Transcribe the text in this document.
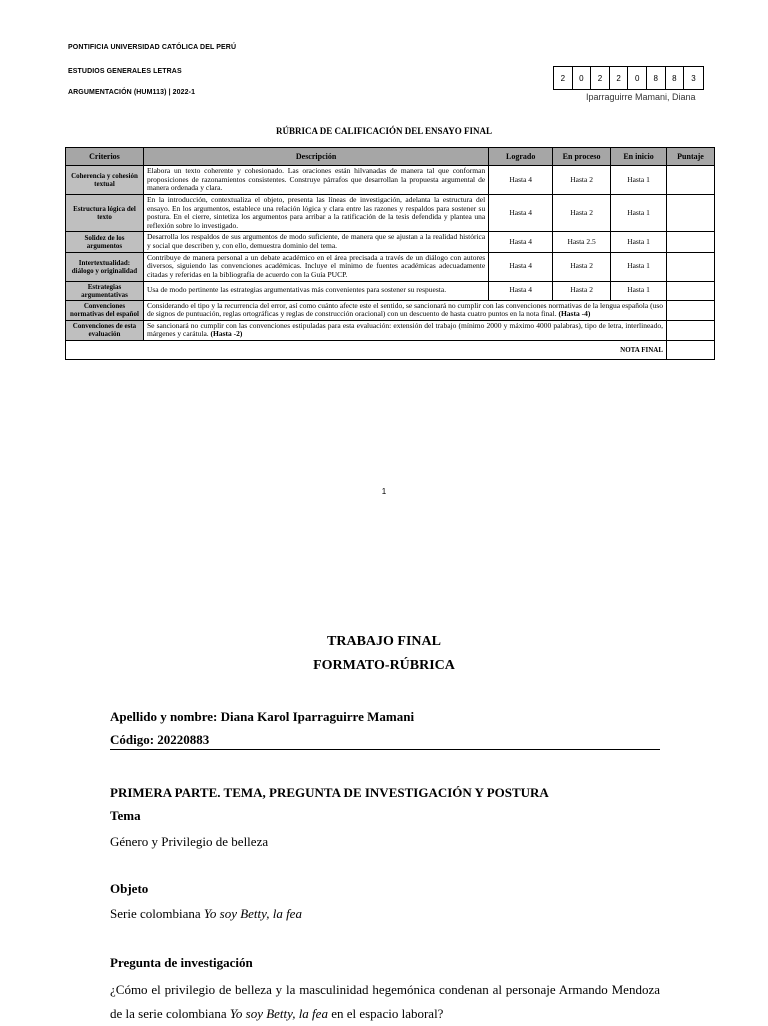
PONTIFICIA UNIVERSIDAD CATÓLICA DEL PERÚ
ESTUDIOS GENERALES LETRAS
ARGUMENTACIÓN (HUM113) | 2022-1
2	0	2	2	0	8	8	3
Iparraguirre Mamani, Diana
RÚBRICA DE CALIFICACIÓN DEL ENSAYO FINAL
Criterios	Descripción	Logrado	En proceso	En inicio	Puntaje
Coherencia y cohesión textual	Elabora un texto coherente y cohesionado. Las oraciones están hilvanadas de manera tal que conforman proposiciones de razonamientos consistentes. Construye párrafos que desarrollan la propuesta argumental de manera ordenada y clara.	Hasta 4	Hasta 2	Hasta 1	
Estructura lógica del texto	En la introducción, contextualiza el objeto, presenta las líneas de investigación, adelanta la estructura del ensayo. En los argumentos, establece una relación lógica y clara entre las razones y respaldos para sostener su postura. En el cierre, sintetiza los argumentos para arribar a la ratificación de la tesis defendida y plantea una reflexión sobre lo investigado.	Hasta 4	Hasta 2	Hasta 1	
Solidez de los argumentos	Desarrolla los respaldos de sus argumentos de modo suficiente, de manera que se ajustan a la realidad histórica y social que describen y, con ello, demuestra dominio del tema.	Hasta 4	Hasta 2.5	Hasta 1	
Intertextualidad: diálogo y originalidad	Contribuye de manera personal a un debate académico en el área precisada a través de un diálogo con autores diversos, siguiendo las convenciones académicas. Incluye el mínimo de fuentes académicas adecuadamente citadas y referidas en la bibliografía de acuerdo con la Guía PUCP.	Hasta 4	Hasta 2	Hasta 1	
Estrategias argumentativas	Usa de modo pertinente las estrategias argumentativas más convenientes para sostener su respuesta.	Hasta 4	Hasta 2	Hasta 1	
Convenciones normativas del español	Considerando el tipo y la recurrencia del error, así como cuánto afecte este el sentido, se sancionará no cumplir con las convenciones normativas de la lengua española (uso de signos de puntuación, reglas ortográficas y reglas de construcción oracional) con un descuento de hasta cuatro puntos en la nota final. (Hasta -4)				
Convenciones de esta evaluación	Se sancionará no cumplir con las convenciones estipuladas para esta evaluación: extensión del trabajo (mínimo 2000 y máximo 4000 palabras), tipo de letra, interlineado, márgenes y carátula. (Hasta -2)				
NOTA FINAL					
1
TRABAJO FINAL
FORMATO-RÚBRICA
Apellido y nombre: Diana Karol Iparraguirre Mamani
Código: 20220883
PRIMERA PARTE. TEMA, PREGUNTA DE INVESTIGACIÓN Y POSTURA
Tema
Género y Privilegio de belleza
Objeto
Serie colombiana Yo soy Betty, la fea
Pregunta de investigación
¿Cómo el privilegio de belleza y la masculinidad hegemónica condenan al personaje Armando Mendoza de la serie colombiana Yo soy Betty, la fea en el espacio laboral?
